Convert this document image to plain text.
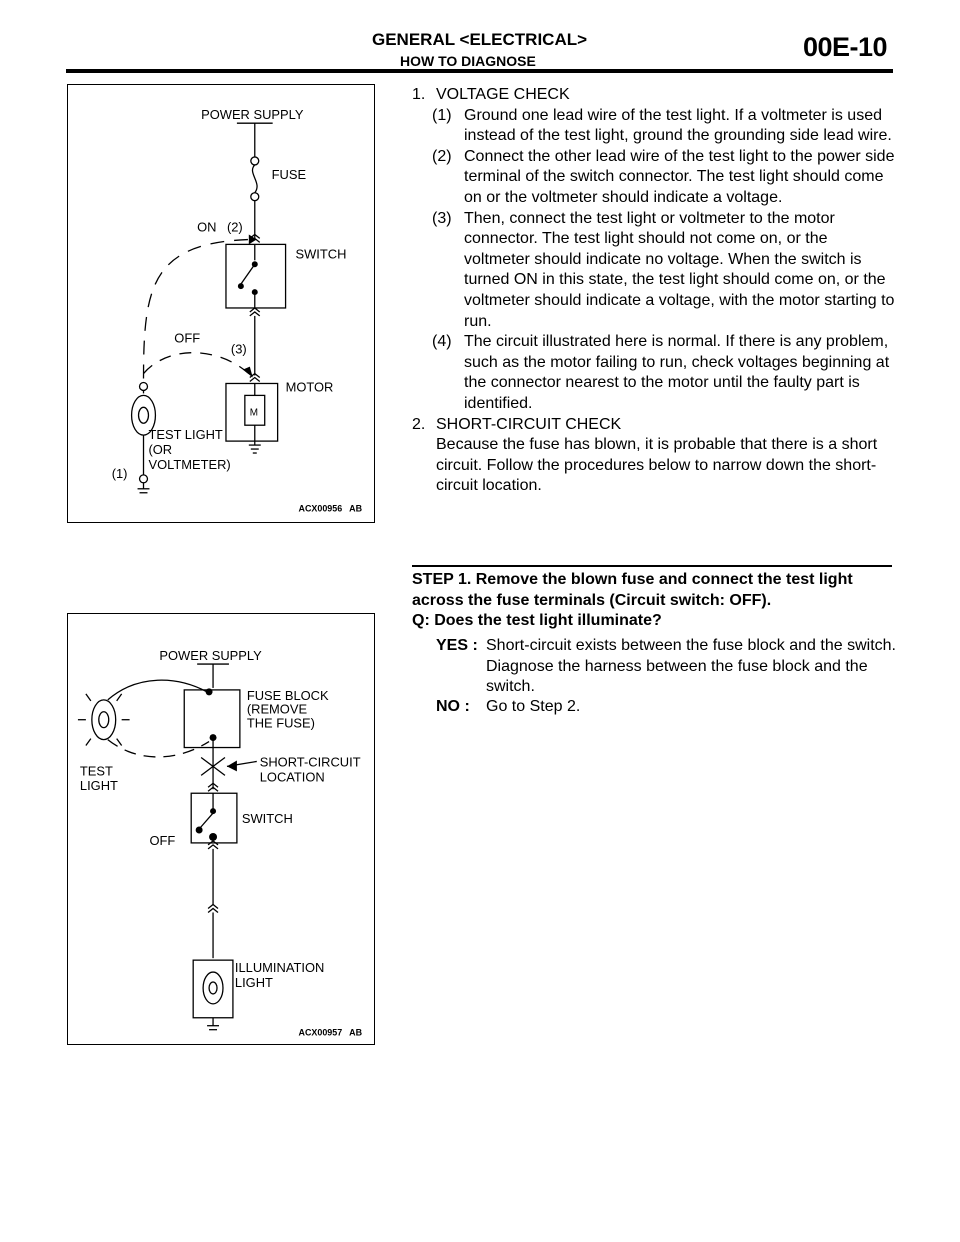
GENERAL <ELECTRICAL>
HOW TO DIAGNOSE	00E-10
POWER SUPPLY
FUSE
ON (2)
SWITCH
OFF
(3)
MOTOR
M
TEST LIGHT
(OR
VOLTMETER)
(1)
ACX00956 AB
POWER SUPPLY
FUSE BLOCK
(REMOVE
THE FUSE)
SHORT-CIRCUIT
LOCATION
TEST
LIGHT
SWITCH
OFF
ILLUMINATION
LIGHT
ACX00957 AB
1. VOLTAGE CHECK
(1) Ground one lead wire of the test light. If a voltmeter is used instead of the test light, ground the grounding side lead wire.
(2) Connect the other lead wire of the test light to the power side terminal of the switch connector. The test light should come on or the voltmeter should indicate a voltage.
(3) Then, connect the test light or voltmeter to the motor connector. The test light should not come on, or the voltmeter should indicate no voltage. When the switch is turned ON in this state, the test light should come on, or the voltmeter should indicate a voltage, with the motor starting to run.
(4) The circuit illustrated here is normal. If there is any problem, such as the motor failing to run, check voltages beginning at the connector nearest to the motor until the faulty part is identified.
2. SHORT-CIRCUIT CHECK
Because the fuse has blown, it is probable that there is a short circuit. Follow the procedures below to narrow down the short-circuit location.
STEP 1. Remove the blown fuse and connect the test light across the fuse terminals (Circuit switch: OFF).
Q: Does the test light illuminate?
YES : Short-circuit exists between the fuse block and the switch. Diagnose the harness between the fuse block and the switch.
NO :	Go to Step 2.
